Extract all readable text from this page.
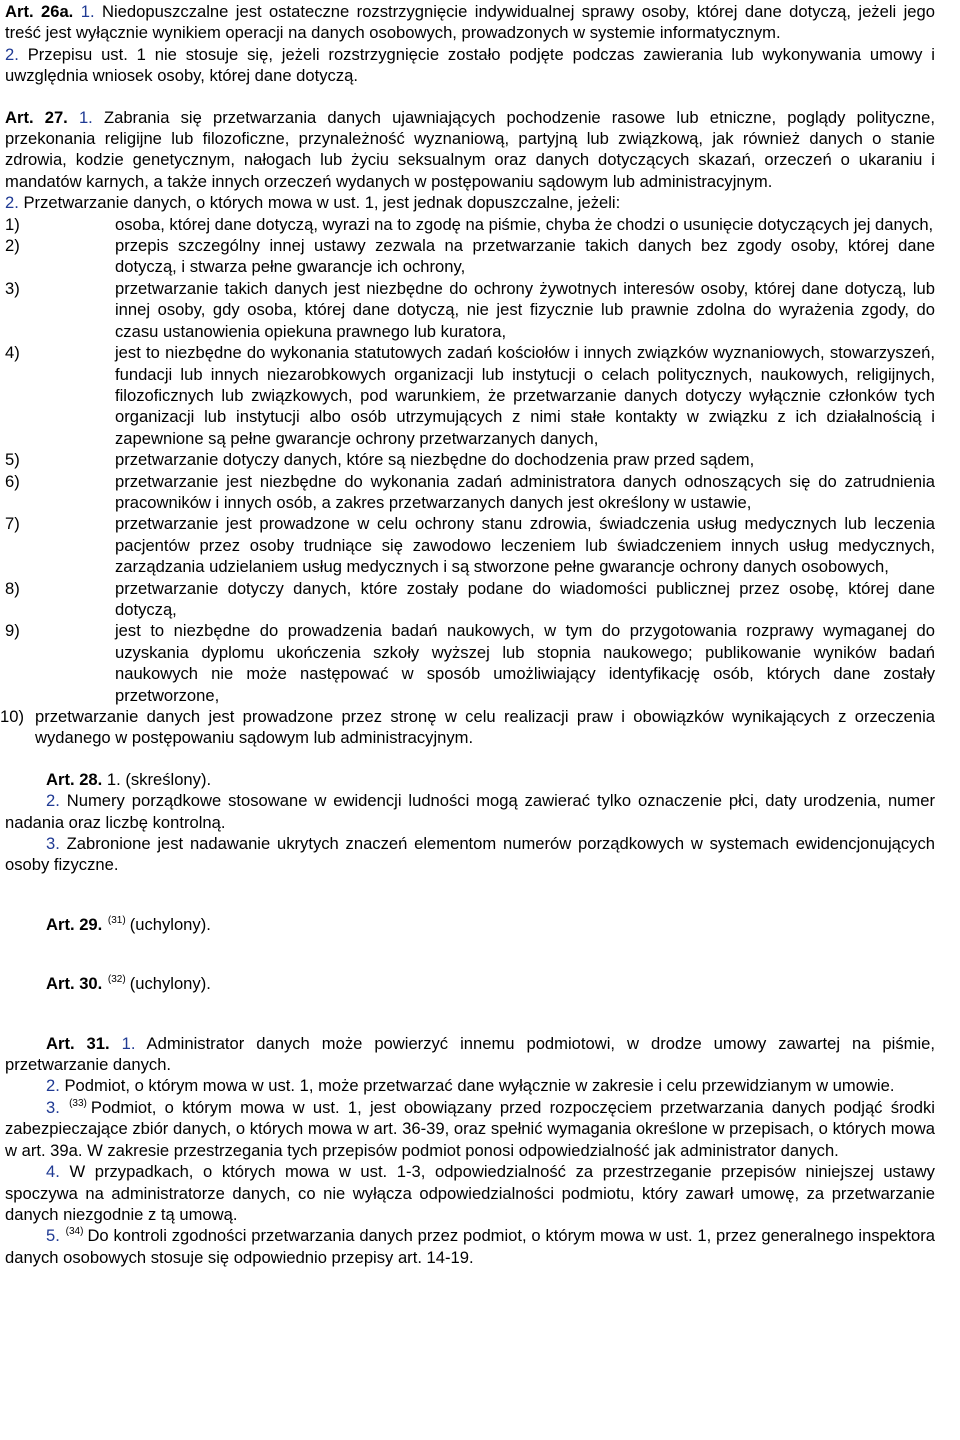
Art. 26a. 1. Niedopuszczalne jest ostateczne rozstrzygnięcie indywidualnej sprawy osoby, której dane dotyczą, jeżeli jego treść jest wyłącznie wynikiem operacji na danych osobowych, prowadzonych w systemie informatycznym.

2. Przepisu ust. 1 nie stosuje się, jeżeli rozstrzygnięcie zostało podjęte podczas zawierania lub wykonywania umowy i uwzględnia wniosek osoby, której dane dotyczą.

Art. 27. 1. Zabrania się przetwarzania danych ujawniających pochodzenie rasowe lub etniczne, poglądy polityczne, przekonania religijne lub filozoficzne, przynależność wyznaniową, partyjną lub związkową, jak również danych o stanie zdrowia, kodzie genetycznym, nałogach lub życiu seksualnym oraz danych dotyczących skazań, orzeczeń o ukaraniu i mandatów karnych, a także innych orzeczeń wydanych w postępowaniu sądowym lub administracyjnym.

2. Przetwarzanie danych, o których mowa w ust. 1, jest jednak dopuszczalne, jeżeli:

1)	osoba, której dane dotyczą, wyrazi na to zgodę na piśmie, chyba że chodzi o usunięcie dotyczących jej danych,
2)	przepis szczególny innej ustawy zezwala na przetwarzanie takich danych bez zgody osoby, której dane dotyczą, i stwarza pełne gwarancje ich ochrony,
3)	przetwarzanie takich danych jest niezbędne do ochrony żywotnych interesów osoby, której dane dotyczą, lub innej osoby, gdy osoba, której dane dotyczą, nie jest fizycznie lub prawnie zdolna do wyrażenia zgody, do czasu ustanowienia opiekuna prawnego lub kuratora,
4)	jest to niezbędne do wykonania statutowych zadań kościołów i innych związków wyznaniowych, stowarzyszeń, fundacji lub innych niezarobkowych organizacji lub instytucji o celach politycznych, naukowych, religijnych, filozoficznych lub związkowych, pod warunkiem, że przetwarzanie danych dotyczy wyłącznie członków tych organizacji lub instytucji albo osób utrzymujących z nimi stałe kontakty w związku z ich działalnością i zapewnione są pełne gwarancje ochrony przetwarzanych danych,
5)	przetwarzanie dotyczy danych, które są niezbędne do dochodzenia praw przed sądem,
6)	przetwarzanie jest niezbędne do wykonania zadań administratora danych odnoszących się do zatrudnienia pracowników i innych osób, a zakres przetwarzanych danych jest określony w ustawie,
7)	przetwarzanie jest prowadzone w celu ochrony stanu zdrowia, świadczenia usług medycznych lub leczenia pacjentów przez osoby trudniące się zawodowo leczeniem lub świadczeniem innych usług medycznych, zarządzania udzielaniem usług medycznych i są stworzone pełne gwarancje ochrony danych osobowych,
8)	przetwarzanie dotyczy danych, które zostały podane do wiadomości publicznej przez osobę, której dane dotyczą,
9)	jest to niezbędne do prowadzenia badań naukowych, w tym do przygotowania rozprawy wymaganej do uzyskania dyplomu ukończenia szkoły wyższej lub stopnia naukowego; publikowanie wyników badań naukowych nie może następować w sposób umożliwiający identyfikację osób, których dane zostały przetworzone,
10) przetwarzanie danych jest prowadzone przez stronę w celu realizacji praw i obowiązków wynikających z orzeczenia wydanego w postępowaniu sądowym lub administracyjnym.

Art. 28. 1. (skreślony).

2. Numery porządkowe stosowane w ewidencji ludności mogą zawierać tylko oznaczenie płci, daty urodzenia, numer nadania oraz liczbę kontrolną.

3. Zabronione jest nadawanie ukrytych znaczeń elementom numerów porządkowych w systemach ewidencjonujących osoby fizyczne.

Art. 29. $^{(31)}$ (uchylony).

Art. 30. $^{(32)}$ (uchylony).

Art. 31. 1. Administrator danych może powierzyć innemu podmiotowi, w drodze umowy zawartej na piśmie, przetwarzanie danych.

2. Podmiot, o którym mowa w ust. 1, może przetwarzać dane wyłącznie w zakresie i celu przewidzianym w umowie.

3. $^{(33)}$ Podmiot, o którym mowa w ust. 1, jest obowiązany przed rozpoczęciem przetwarzania danych podjąć środki zabezpieczające zbiór danych, o których mowa w art. 36-39, oraz spełnić wymagania określone w przepisach, o których mowa w art. 39a. W zakresie przestrzegania tych przepisów podmiot ponosi odpowiedzialność jak administrator danych.

4. W przypadkach, o których mowa w ust. 1-3, odpowiedzialność za przestrzeganie przepisów niniejszej ustawy spoczywa na administratorze danych, co nie wyłącza odpowiedzialności podmiotu, który zawarł umowę, za przetwarzanie danych niezgodnie z tą umową.

5. $^{(34)}$ Do kontroli zgodności przetwarzania danych przez podmiot, o którym mowa w ust. 1, przez generalnego inspektora danych osobowych stosuje się odpowiednio przepisy art. 14-19.
